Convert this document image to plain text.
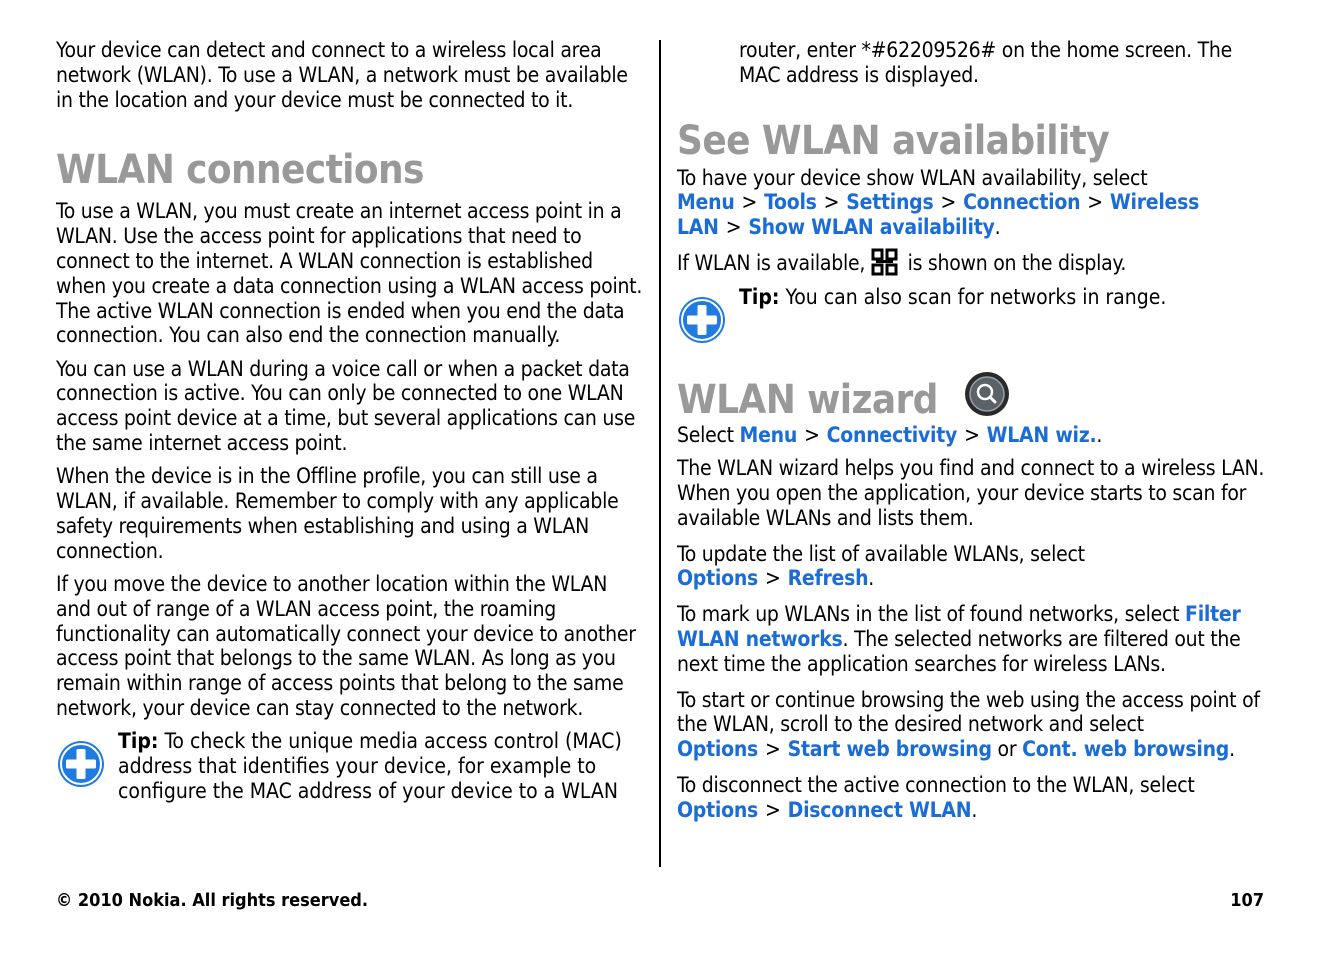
Your device can detect and connect to a wireless local area network (WLAN). To use a WLAN, a network must be available in the location and your device must be connected to it.

WLAN connections

To use a WLAN, you must create an internet access point in a WLAN. Use the access point for applications that need to connect to the internet. A WLAN connection is established when you create a data connection using a WLAN access point. The active WLAN connection is ended when you end the data connection. You can also end the connection manually.

You can use a WLAN during a voice call or when a packet data connection is active. You can only be connected to one WLAN access point device at a time, but several applications can use the same internet access point.

When the device is in the Offline profile, you can still use a WLAN, if available. Remember to comply with any applicable safety requirements when establishing and using a WLAN connection.

If you move the device to another location within the WLAN and out of range of a WLAN access point, the roaming functionality can automatically connect your device to another access point that belongs to the same WLAN. As long as you remain within range of access points that belong to the same network, your device can stay connected to the network.

Tip: To check the unique media access control (MAC) address that identifies your device, for example to configure the MAC address of your device to a WLAN

router, enter *#62209526# on the home screen. The MAC address is displayed.

See WLAN availability

To have your device show WLAN availability, select Menu > Tools > Settings > Connection > Wireless LAN > Show WLAN availability.

If WLAN is available,  is shown on the display.

Tip: You can also scan for networks in range.
WLAN wizard

Select Menu > Connectivity > WLAN wiz..

The WLAN wizard helps you find and connect to a wireless LAN. When you open the application, your device starts to scan for available WLANs and lists them.

To update the list of available WLANs, select Options > Refresh.

To mark up WLANs in the list of found networks, select Filter WLAN networks. The selected networks are filtered out the next time the application searches for wireless LANs.

To start or continue browsing the web using the access point of the WLAN, scroll to the desired network and select Options > Start web browsing or Cont. web browsing.

To disconnect the active connection to the WLAN, select Options > Disconnect WLAN.

© 2010 Nokia. All rights reserved.	107
